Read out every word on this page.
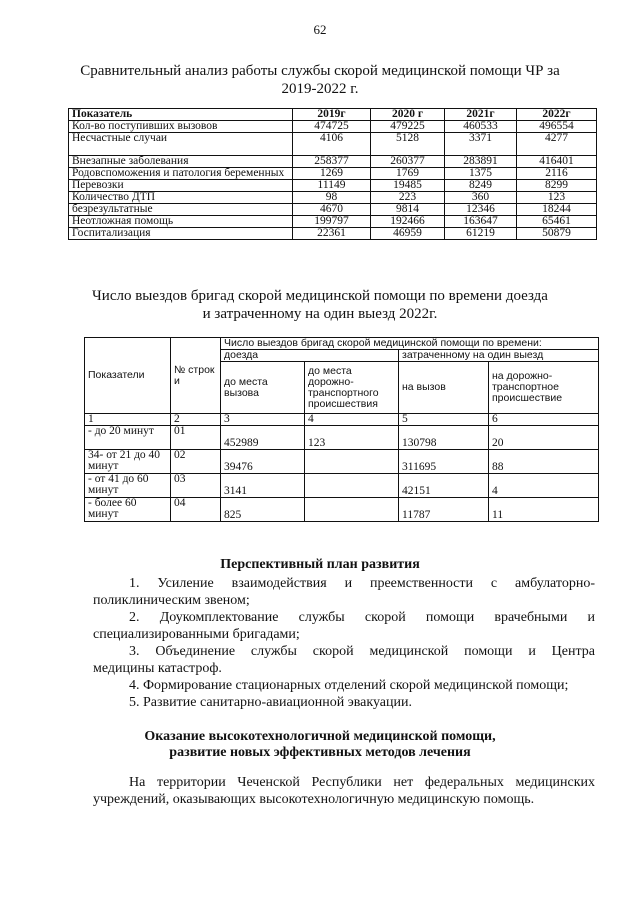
62
Сравнительный анализ работы службы скорой медицинской помощи ЧР за
2019-2022 г.
Показатель	2019г	2020 г	2021г	2022г
Кол-во поступивших вызовов	474725	479225	460533	496554
Несчастные случаи	4106	5128	3371	4277
Внезапные заболевания	258377	260377	283891	416401
Родовспоможения и патология беременных	1269	1769	1375	2116
Перевозки	11149	19485	8249	8299
Количество ДТП	98	223	360	123
безрезультатные	4670	9814	12346	18244
Неотложная помощь	199797	192466	163647	65461
Госпитализация	22361	46959	61219	50879
Число выездов бригад скорой медицинской помощи по времени доезда
и затраченному на один выезд 2022г.
Показатели	№ строк и	Число выездов бригад скорой медицинской помощи по времени:			
		доезда		затраченному на один выезд	
		до места вызова	до места дорожно-транспортного происшествия	на вызов	на дорожно-транспортное происшествие
1	2	3	4	5	6
- до 20 минут	01	452989	123	130798	20
34- от 21 до 40 минут	02	39476		311695	88
- от 41 до 60 минут	03	3141		42151	4
- более 60 минут	04	825		11787	11
Перспективный план развития
1. Усиление взаимодействия и преемственности с амбулаторно-
поликлиническим звеном;
2. Доукомплектование службы скорой помощи врачебными и
специализированными бригадами;
3. Объединение службы скорой медицинской помощи и Центра
медицины катастроф.
4. Формирование стационарных отделений скорой медицинской помощи;
5. Развитие санитарно-авиационной эвакуации.
Оказание высокотехнологичной медицинской помощи,
развитие новых эффективных методов лечения
На территории Чеченской Республики нет федеральных медицинских
учреждений, оказывающих высокотехнологичную медицинскую помощь.
